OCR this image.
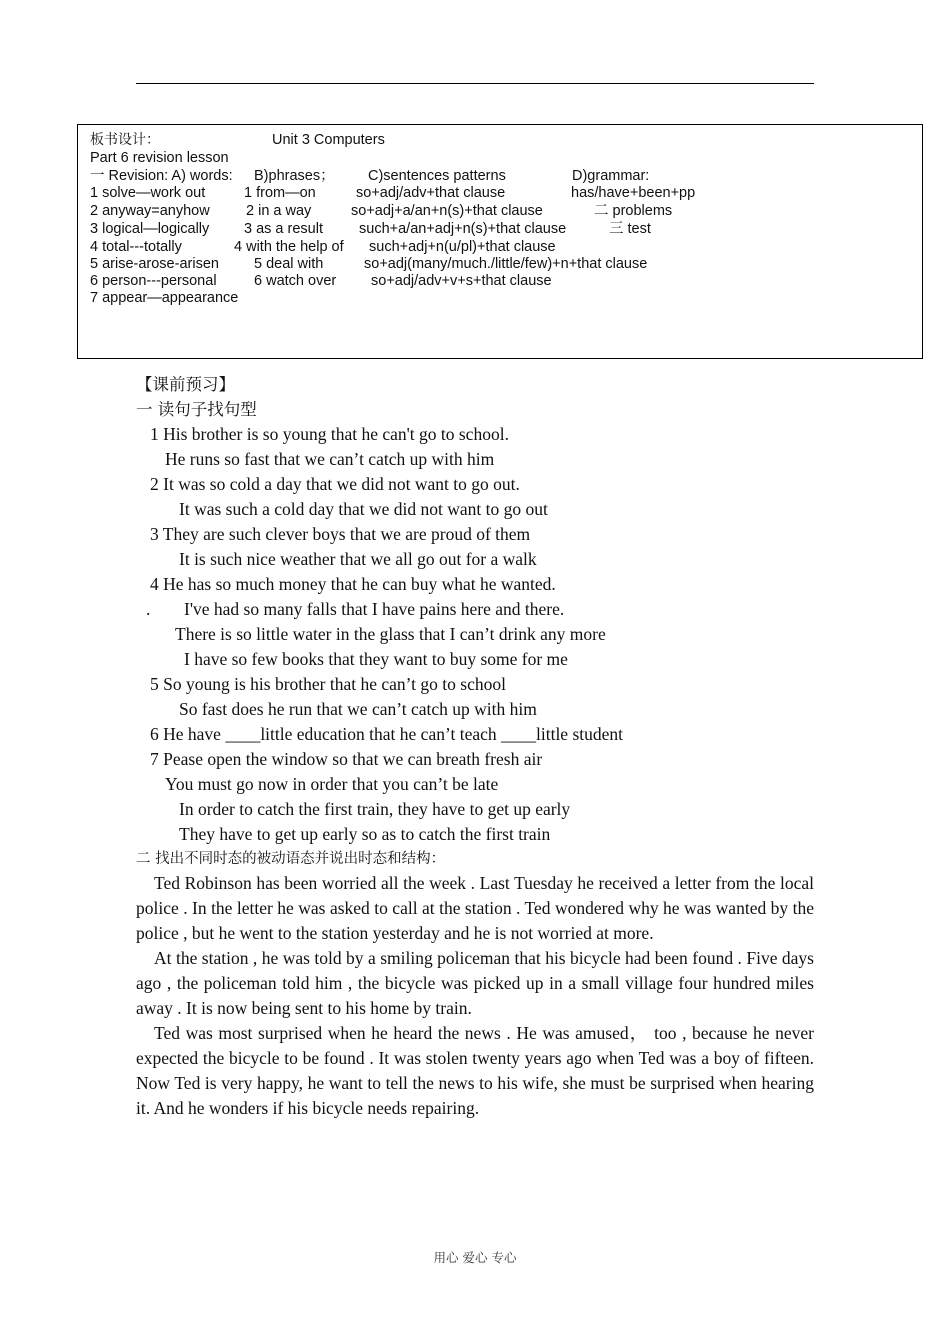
板书设计：	Unit 3 Computers
Part 6 revision lesson
一 Revision: A) words: B)phrases； C)sentences patterns	D)grammar:
1 solve—work out
2 anyway=anyhow
3 logical—logically
4 total---totally
5 arise-arose-arisen
6 person---personal
7 appear—appearance
1 from—on
2 in a way
3 as a result
4 with the help of
5 deal with
6 watch over
so+adj/adv+that clause
so+adj+a/an+n(s)+that clause
such+a/an+adj+n(s)+that clause
such+adj+n(u/pl)+that clause
so+adj(many/much./little/few)+n+that clause
so+adj/adv+v+s+that clause
has/have+been+pp
二 problems
三 test
【课前预习】
一 读句子找句型
1 His brother is so young that he can't go to school.
He runs so fast that we can’t catch up with him
2 It was so cold a day that we did not want to go out.
It was such a cold day that we did not want to go out
3 They are such clever boys that we are proud of them
It is such nice weather that we all go out for a walk
4 He has so much money that he can buy what he wanted.
. I've had so many falls that I have pains here and there.
There is so little water in the glass that I can’t drink any more
I have so few books that they want to buy some for me
5 So young is his brother that he can’t go to school
So fast does he run that we can’t catch up with him
6 He have ____little education that he can’t teach ____little student
7 Pease open the window so that we can breath fresh air
You must go now in order that you can’t be late
In order to catch the first train, they have to get up early
They have to get up early so as to catch the first train
二 找出不同时态的被动语态并说出时态和结构：

Ted Robinson has been worried all the week . Last Tuesday he received a letter from the local police . In the letter he was asked to call at the station . Ted wondered why he was wanted by the police , but he went to the station yesterday and he is not worried at more.

At the station , he was told by a smiling policeman that his bicycle had been found . Five days ago , the policeman told him , the bicycle was picked up in a small village four hundred miles away . It is now being sent to his home by train.

Ted was most surprised when he heard the news . He was amused， too , because he never expected the bicycle to be found . It was stolen twenty years ago when Ted was a boy of fifteen. Now Ted is very happy, he want to tell the news to his wife, she must be surprised when hearing it. And he wonders if his bicycle needs repairing.

用心 爱心 专心
